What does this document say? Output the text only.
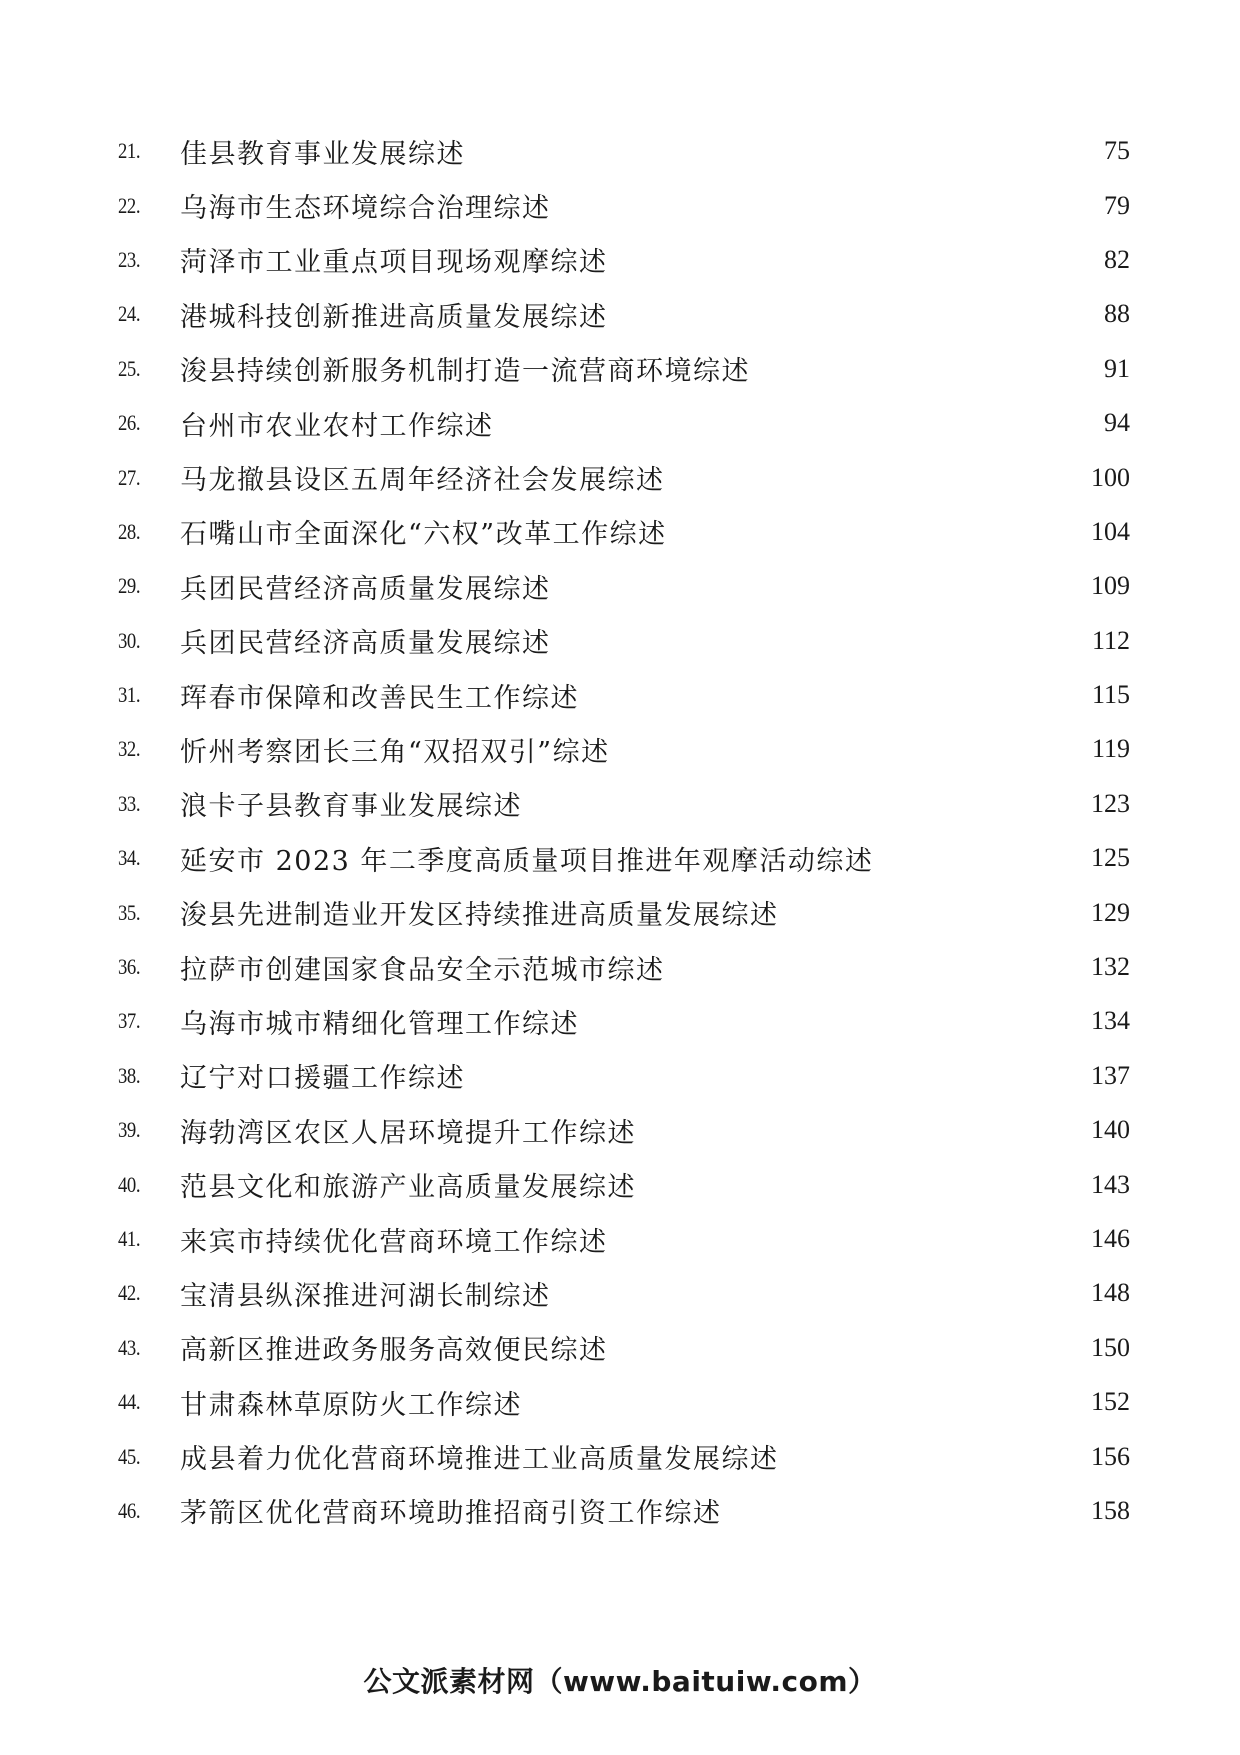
21.	佳县教育事业发展综述	75
22.	乌海市生态环境综合治理综述	79
23.	菏泽市工业重点项目现场观摩综述	82
24.	港城科技创新推进高质量发展综述	88
25.	浚县持续创新服务机制打造一流营商环境综述	91
26.	台州市农业农村工作综述	94
27.	马龙撤县设区五周年经济社会发展综述	100
28.	石嘴山市全面深化“六权”改革工作综述	104
29.	兵团民营经济高质量发展综述	109
30.	兵团民营经济高质量发展综述	112
31.	珲春市保障和改善民生工作综述	115
32.	忻州考察团长三角“双招双引”综述	119
33.	浪卡子县教育事业发展综述	123
34.	延安市 2023 年二季度高质量项目推进年观摩活动综述	125
35.	浚县先进制造业开发区持续推进高质量发展综述	129
36.	拉萨市创建国家食品安全示范城市综述	132
37.	乌海市城市精细化管理工作综述	134
38.	辽宁对口援疆工作综述	137
39.	海勃湾区农区人居环境提升工作综述	140
40.	范县文化和旅游产业高质量发展综述	143
41.	来宾市持续优化营商环境工作综述	146
42.	宝清县纵深推进河湖长制综述	148
43.	高新区推进政务服务高效便民综述	150
44.	甘肃森林草原防火工作综述	152
45.	成县着力优化营商环境推进工业高质量发展综述	156
46.	茅箭区优化营商环境助推招商引资工作综述	158
公文派素材网（www.baituiw.com）
